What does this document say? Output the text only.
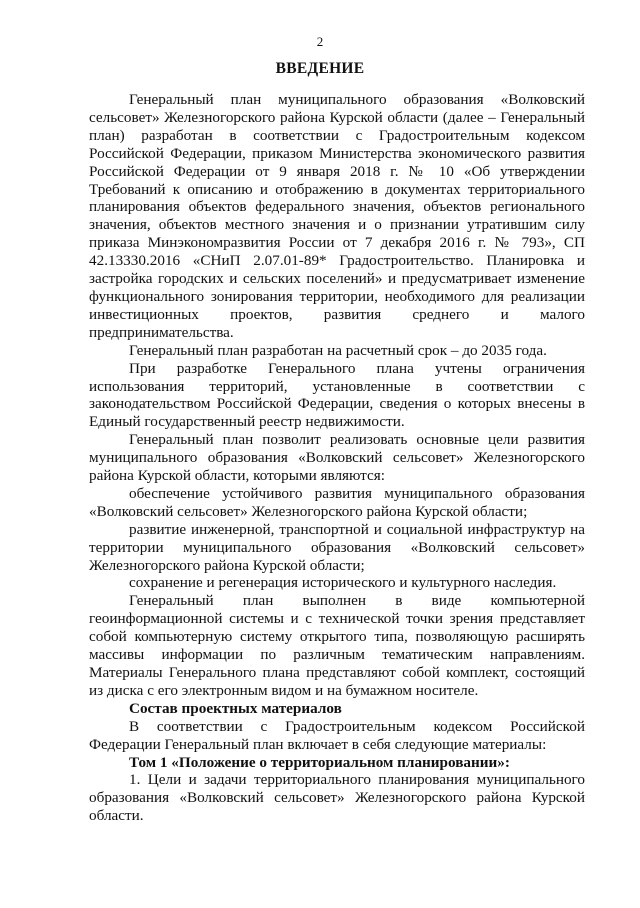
2
ВВЕДЕНИЕ

Генеральный план муниципального образования «Волковский сельсовет» Железногорского района Курской области (далее – Генеральный план) разработан в соответствии с Градостроительным кодексом Российской Федерации, приказом Министерства экономического развития Российской Федерации от 9 января 2018 г. № 10 «Об утверждении Требований к описанию и отображению в документах территориального планирования объектов федерального значения, объектов регионального значения, объектов местного значения и о признании утратившим силу приказа Минэкономразвития России от 7 декабря 2016 г. № 793», СП 42.13330.2016 «СНиП 2.07.01-89* Градостроительство. Планировка и застройка городских и сельских поселений» и предусматривает изменение функционального зонирования территории, необходимого для реализации инвестиционных проектов, развития среднего и малого предпринимательства.

Генеральный план разработан на расчетный срок – до 2035 года.

При разработке Генерального плана учтены ограничения использования территорий, установленные в соответствии с законодательством Российской Федерации, сведения о которых внесены в Единый государственный реестр недвижимости.

Генеральный план позволит реализовать основные цели развития муниципального образования «Волковский сельсовет» Железногорского района Курской области, которыми являются:

обеспечение устойчивого развития муниципального образования «Волковский сельсовет» Железногорского района Курской области;

развитие инженерной, транспортной и социальной инфраструктур на территории муниципального образования «Волковский сельсовет» Железногорского района Курской области;

сохранение и регенерация исторического и культурного наследия.

Генеральный план выполнен в виде компьютерной геоинформационной системы и с технической точки зрения представляет собой компьютерную систему открытого типа, позволяющую расширять массивы информации по различным тематическим направлениям. Материалы Генерального плана представляют собой комплект, состоящий из диска с его электронным видом и на бумажном носителе.

Состав проектных материалов

В соответствии с Градостроительным кодексом Российской Федерации Генеральный план включает в себя следующие материалы:

Том 1 «Положение о территориальном планировании»:

1. Цели и задачи территориального планирования муниципального образования «Волковский сельсовет» Железногорского района Курской области.
